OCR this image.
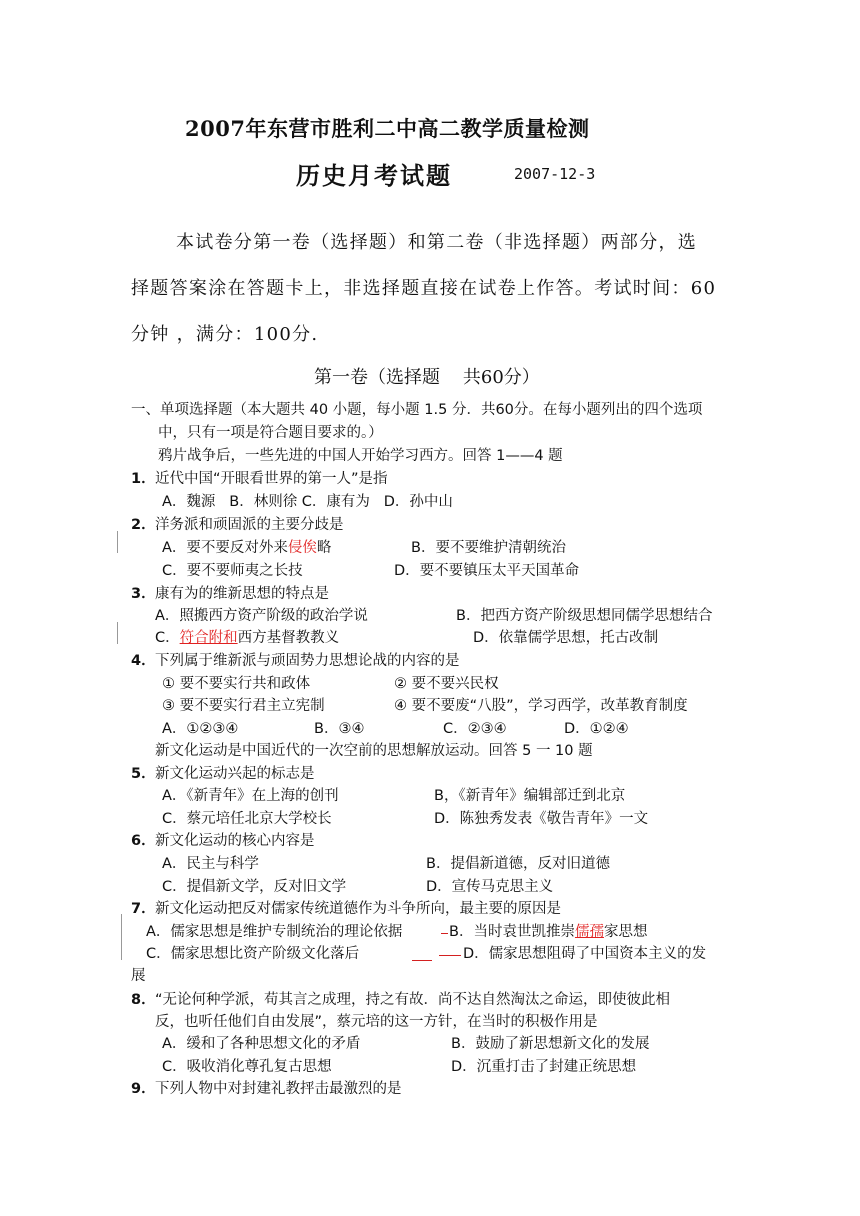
2007年东营市胜利二中高二教学质量检测
历史月考试题	2007-12-3
本试卷分第一卷（选择题）和第二卷（非选择题）两部分，选
择题答案涂在答题卡上，非选择题直接在试卷上作答。考试时间：60
分钟 ，满分：100分.
第一卷（选择题    共60分）
一、单项选择题（本大题共 40 小题，每小题 1.5 分．共60分。在每小题列出的四个选项
中，只有一项是符合题目要求的。）
鸦片战争后，一些先进的中国人开始学习西方。回答 1——4 题
1． 近代中国“开眼看世界的第一人”是指
A．魏源   B．林则徐 C．康有为   D．孙中山
2． 洋务派和顽固派的主要分歧是
A．要不要反对外来侵俟略	B．要不要维护清朝统治
C．要不要师夷之长技	D．要不要镇压太平天国革命
3． 康有为的维新思想的特点是
A．照搬西方资产阶级的政治学说	B．把西方资产阶级思想同儒学思想结合
C．符合附和西方基督教教义	D．依靠儒学思想，托古改制
4． 下列属于维新派与顽固势力思想论战的内容的是
① 要不要实行共和政体	② 要不要兴民权
③ 要不要实行君主立宪制	④ 要不要废“八股”，学习西学，改革教育制度
A．①②③④	B．③④	C．②③④	D．①②④
新文化运动是中国近代的一次空前的思想解放运动。回答 5 一 10 题
5． 新文化运动兴起的标志是
A．《新青年》在上海的创刊	B，《新青年》编辑部迁到北京
C．蔡元培任北京大学校长	D．陈独秀发表《敬告青年》一文
6． 新文化运动的核心内容是
A．民主与科学	B．提倡新道德，反对旧道德
C．提倡新文学，反对旧文学	D．宣传马克思主义
7． 新文化运动把反对儒家传统道德作为斗争所向，最主要的原因是
A．儒家思想是维护专制统治的理论依据	B．当时袁世凯推崇儒孺家思想
C．儒家思想比资产阶级文化落后	D．儒家思想阻碍了中国资本主义的发
展
8． “无论何种学派，苟其言之成理，持之有故．尚不达自然淘汰之命运，即使彼此相
反，也听任他们自由发展”，蔡元培的这一方针，在当时的积极作用是
A．缓和了各种思想文化的矛盾	B．鼓励了新思想新文化的发展
C．吸收消化尊孔复古思想	D．沉重打击了封建正统思想
9． 下列人物中对封建礼教抨击最激烈的是
